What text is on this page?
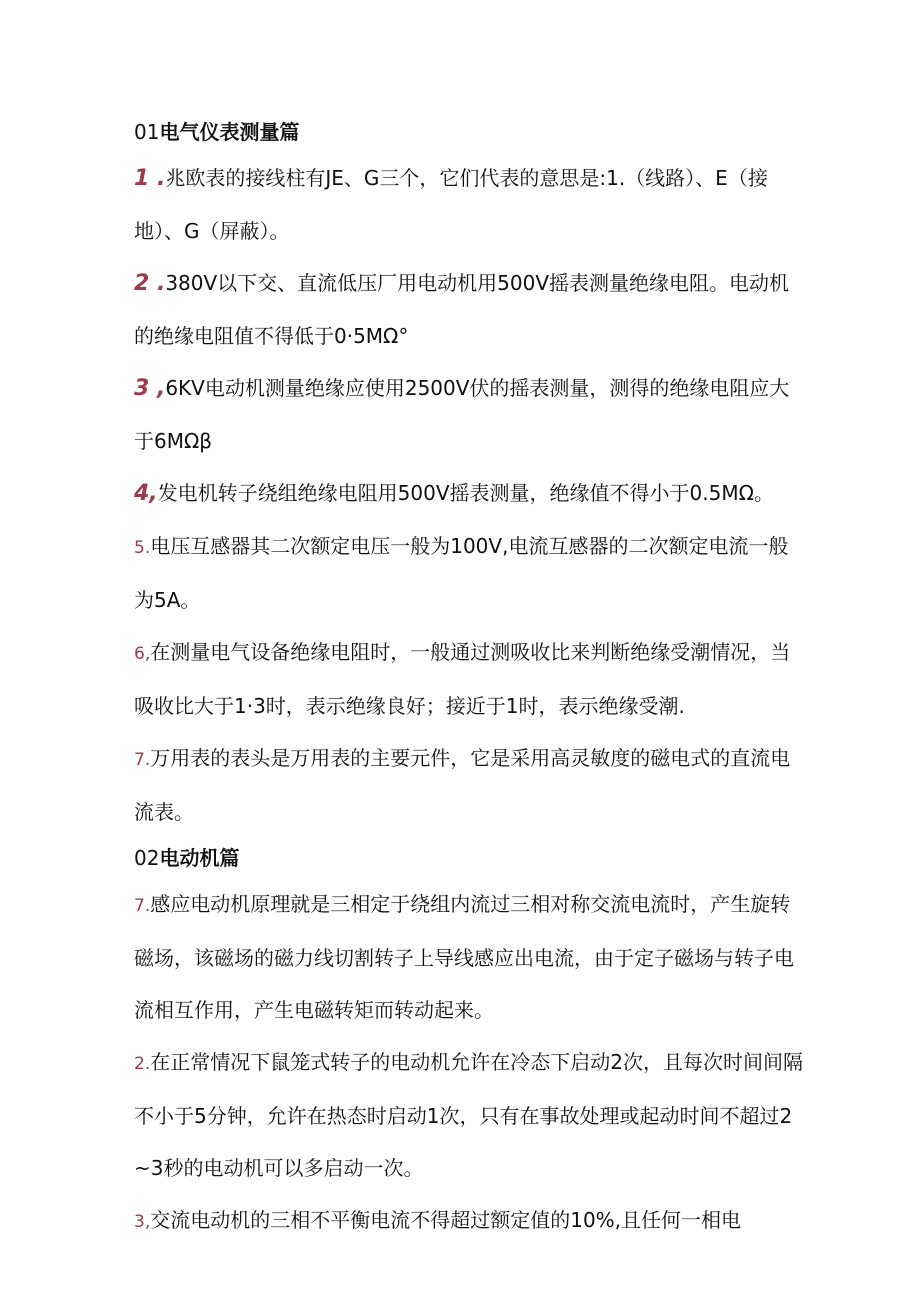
01电气仪表测量篇

1 .兆欧表的接线柱有JE、G三个，它们代表的意思是:1.（线路）、E（接地）、G（屏蔽）。

2 .380V以下交、直流低压厂用电动机用500V摇表测量绝缘电阻。电动机的绝缘电阻值不得低于0·5MΩ°

3 ,6KV电动机测量绝缘应使用2500V伏的摇表测量，测得的绝缘电阻应大于6MΩβ

4,发电机转子绕组绝缘电阻用500V摇表测量，绝缘值不得小于0.5MΩ。

5.电压互感器其二次额定电压一般为100V,电流互感器的二次额定电流一般为5A。

6,在测量电气设备绝缘电阻时，一般通过测吸收比来判断绝缘受潮情况，当吸收比大于1·3时，表示绝缘良好；接近于1时，表示绝缘受潮.

7.万用表的表头是万用表的主要元件，它是采用高灵敏度的磁电式的直流电流表。

02电动机篇

7.感应电动机原理就是三相定于绕组内流过三相对称交流电流时，产生旋转磁场，该磁场的磁力线切割转子上导线感应出电流，由于定子磁场与转子电流相互作用，产生电磁转矩而转动起来。

2.在正常情况下鼠笼式转子的电动机允许在冷态下启动2次，且每次时间间隔不小于5分钟，允许在热态时启动1次，只有在事故处理或起动时间不超过2~3秒的电动机可以多启动一次。

3,交流电动机的三相不平衡电流不得超过额定值的10%,且任何一相电
